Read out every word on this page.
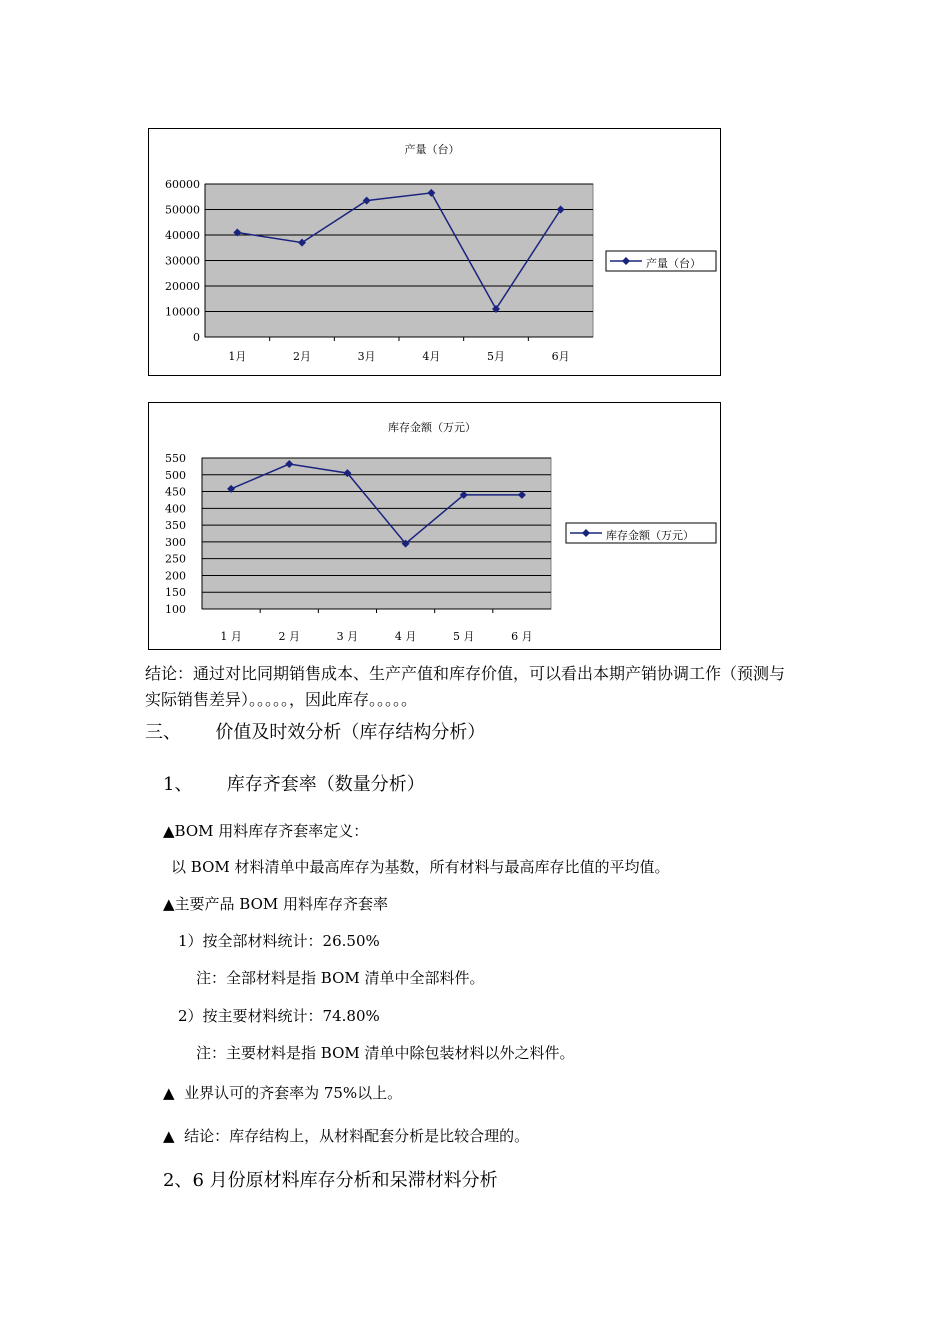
产量（台）
60000
50000
40000
30000
20000
10000
0
1月	2月	3月	4月	5月	6月
产量（台）
库存金额（万元）
550
500
450
400
350
300
250
200
150
100
1 月	2 月	3 月	4 月	5 月	6 月
库存金额（万元）

结论：通过对比同期销售成本、生产产值和库存价值，可以看出本期产销协调工作（预测与

实际销售差异）。。。。。，因此库存。。。。。

三、      价值及时效分析（库存结构分析）

1、      库存齐套率（数量分析）

▲BOM 用料库存齐套率定义：

以 BOM 材料清单中最高库存为基数，所有材料与最高库存比值的平均值。

▲主要产品 BOM 用料库存齐套率

1）按全部材料统计：26.50%

注：全部材料是指 BOM 清单中全部料件。

2）按主要材料统计：74.80%

注：主要材料是指 BOM 清单中除包装材料以外之料件。

▲  业界认可的齐套率为 75%以上。

▲  结论：库存结构上，从材料配套分析是比较合理的。

2、6 月份原材料库存分析和呆滞材料分析
